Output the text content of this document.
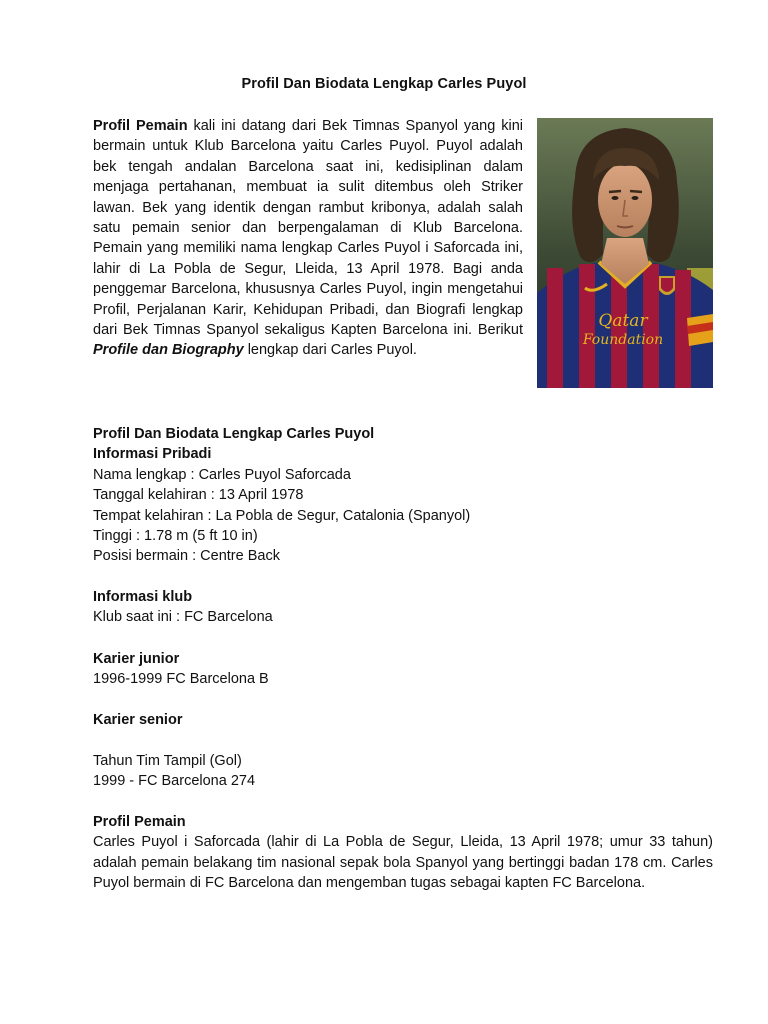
Profil Dan Biodata Lengkap Carles Puyol
Profil Pemain kali ini datang dari Bek Timnas Spanyol yang kini bermain untuk Klub Barcelona yaitu Carles Puyol. Puyol adalah bek tengah andalan Barcelona saat ini, kedisiplinan dalam menjaga pertahanan, membuat ia sulit ditembus oleh Striker lawan. Bek yang identik dengan rambut kribonya, adalah salah satu pemain senior dan berpengalaman di Klub Barcelona. Pemain yang memiliki nama lengkap Carles Puyol i Saforcada ini, lahir di La Pobla de Segur, Lleida, 13 April 1978. Bagi anda penggemar Barcelona, khususnya Carles Puyol, ingin mengetahui Profil, Perjalanan Karir, Kehidupan Pribadi, dan Biografi lengkap dari Bek Timnas Spanyol sekaligus Kapten Barcelona ini. Berikut Profile dan Biography lengkap dari Carles Puyol.
Qatar
Foundation
Profil Dan Biodata Lengkap Carles Puyol
Informasi Pribadi
Nama lengkap : Carles Puyol Saforcada
Tanggal kelahiran : 13 April 1978
Tempat kelahiran : La Pobla de Segur, Catalonia (Spanyol)
Tinggi : 1.78 m (5 ft 10 in)
Posisi bermain : Centre Back
Informasi klub
Klub saat ini : FC Barcelona
Karier junior
1996-1999 FC Barcelona B
Karier senior
Tahun Tim Tampil (Gol)
1999 - FC Barcelona 274
Profil Pemain
Carles Puyol i Saforcada (lahir di La Pobla de Segur, Lleida, 13 April 1978; umur 33 tahun) adalah pemain belakang tim nasional sepak bola Spanyol yang bertinggi badan 178 cm. Carles Puyol bermain di FC Barcelona dan mengemban tugas sebagai kapten FC Barcelona.
